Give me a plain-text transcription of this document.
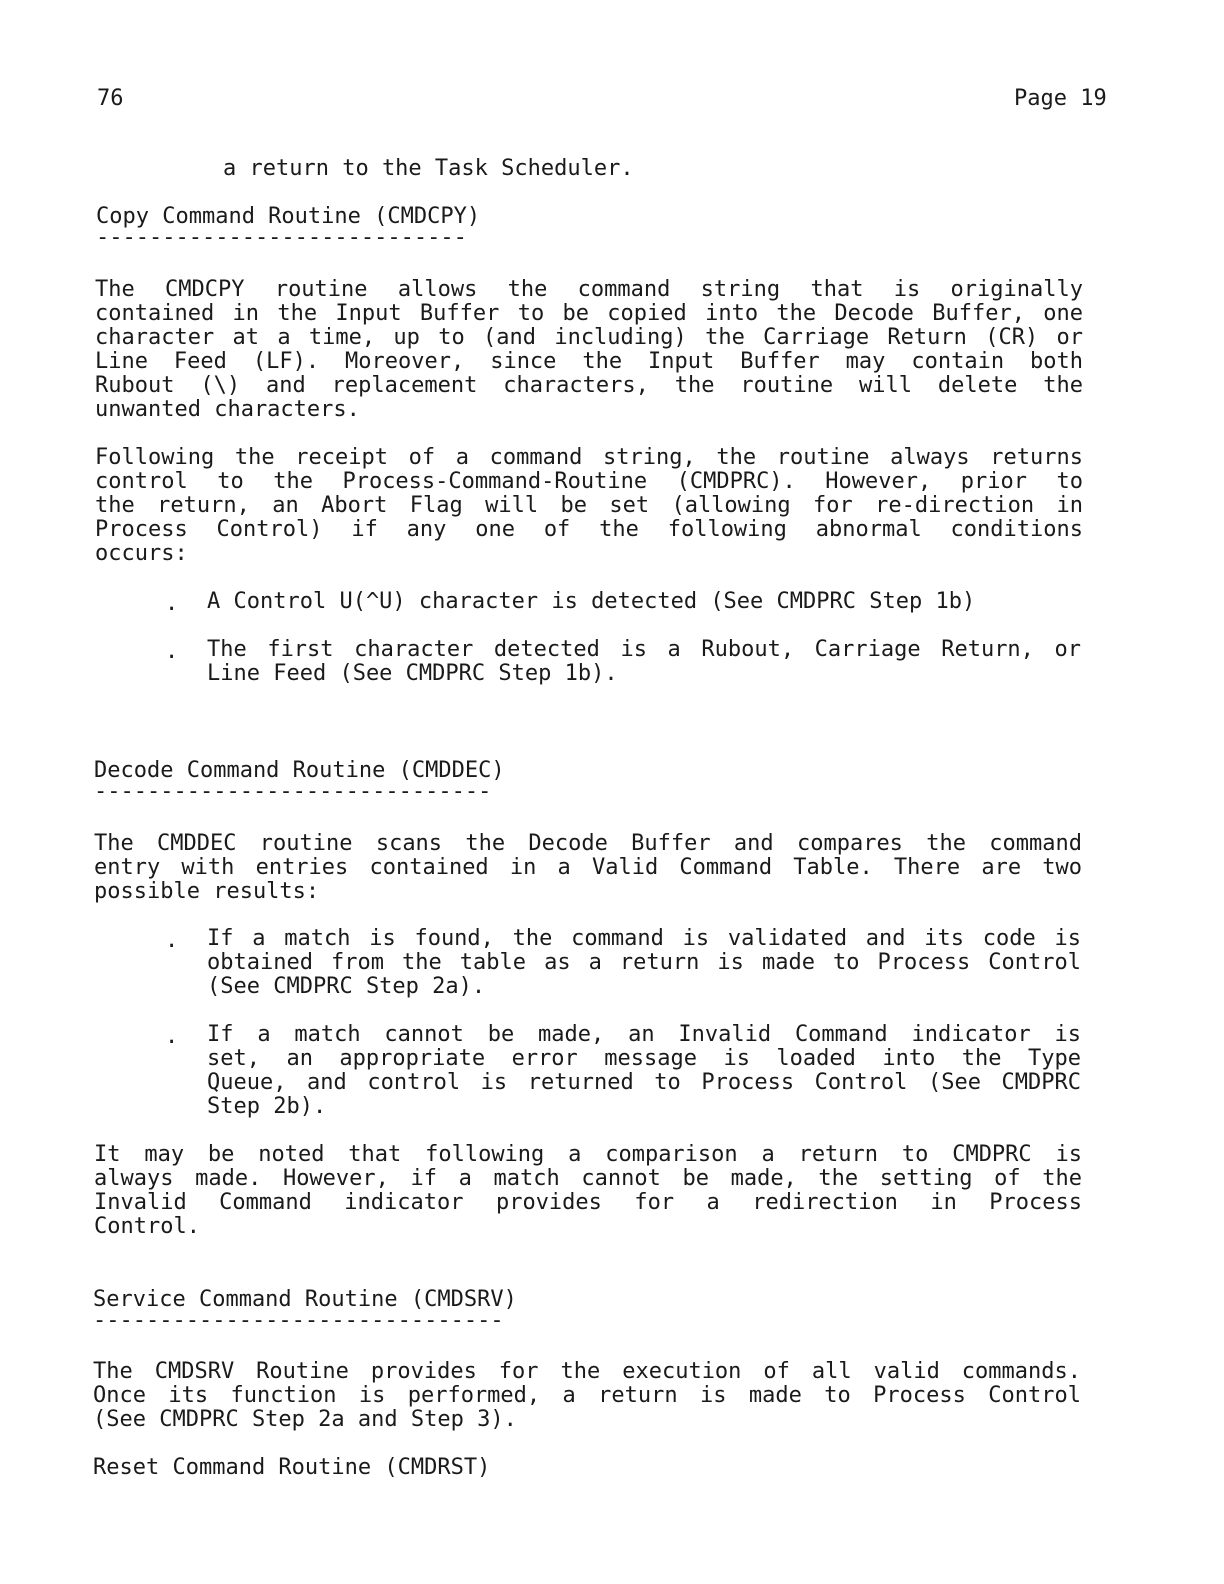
76	Page 19
a return to the Task Scheduler.
Copy Command Routine (CMDCPY)
----------------------------
The CMDCPY routine allows the command string that is originally
contained in the Input Buffer to be copied into the Decode Buffer, one
character at a time, up to (and including) the Carriage Return (CR) or
Line Feed (LF). Moreover, since the Input Buffer may contain both
Rubout (\) and replacement characters, the routine will delete the
unwanted characters.
Following the receipt of a command string, the routine always returns
control to the Process-Command-Routine (CMDPRC). However, prior to
the return, an Abort Flag will be set (allowing for re-direction in
Process Control) if any one of the following abnormal conditions
occurs:
. A Control U(^U) character is detected (See CMDPRC Step 1b)
. The first character detected is a Rubout, Carriage Return, or
Line Feed (See CMDPRC Step 1b).
Decode Command Routine (CMDDEC)
------------------------------
The CMDDEC routine scans the Decode Buffer and compares the command
entry with entries contained in a Valid Command Table. There are two
possible results:
. If a match is found, the command is validated and its code is
obtained from the table as a return is made to Process Control
(See CMDPRC Step 2a).
. If a match cannot be made, an Invalid Command indicator is
set, an appropriate error message is loaded into the Type
Queue, and control is returned to Process Control (See CMDPRC
Step 2b).
It may be noted that following a comparison a return to CMDPRC is
always made. However, if a match cannot be made, the setting of the
Invalid Command indicator provides for a redirection in Process
Control.
Service Command Routine (CMDSRV)
-------------------------------
The CMDSRV Routine provides for the execution of all valid commands.
Once its function is performed, a return is made to Process Control
(See CMDPRC Step 2a and Step 3).
Reset Command Routine (CMDRST)
